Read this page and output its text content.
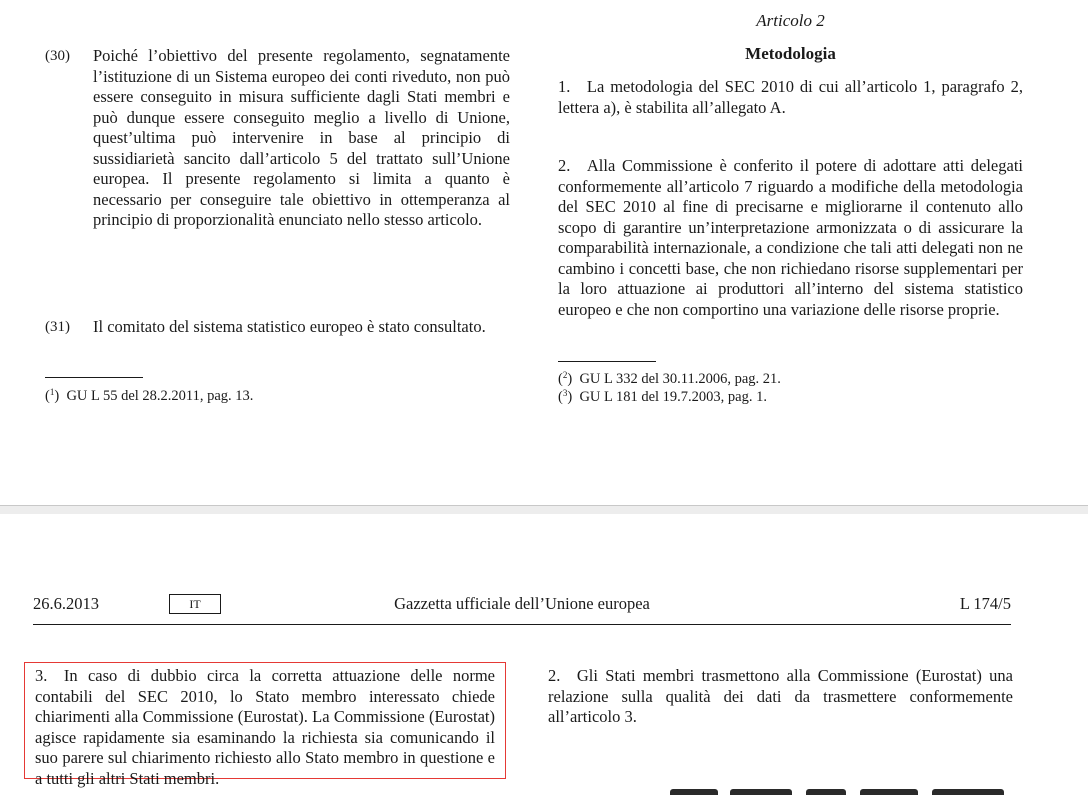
(30) Poiché l’obiettivo del presente regolamento, segnatamente l’istituzione di un Sistema europeo dei conti riveduto, non può essere conseguito in misura sufficiente dagli Stati membri e può dunque essere conseguito meglio a livello di Unione, quest’ultima può intervenire in base al principio di sussidiarietà sancito dall’articolo 5 del trattato sull’Unione europea. Il presente regolamento si limita a quanto è necessario per conseguire tale obiettivo in ottemperanza al principio di proporzionalità enunciato nello stesso articolo.
(31) Il comitato del sistema statistico europeo è stato consultato.
($^1$)  GU L 55 del 28.2.2011, pag. 13.
Articolo 2
Metodologia
1. La metodologia del SEC 2010 di cui all’articolo 1, paragrafo 2, lettera a), è stabilita all’allegato A.
2. Alla Commissione è conferito il potere di adottare atti delegati conformemente all’articolo 7 riguardo a modifiche della metodologia del SEC 2010 al fine di precisarne e migliorarne il contenuto allo scopo di garantire un’interpretazione armonizzata o di assicurare la comparabilità internazionale, a condizione che tali atti delegati non ne cambino i concetti base, che non richiedano risorse supplementari per la loro attuazione ai produttori all’interno del sistema statistico europeo e che non comportino una variazione delle risorse proprie.
($^2$)  GU L 332 del 30.11.2006, pag. 21.
($^3$)  GU L 181 del 19.7.2003, pag. 1.
Gazzetta ufficiale dell’Unione europea
26.6.2013	IT	L 174/5
3. In caso di dubbio circa la corretta attuazione delle norme contabili del SEC 2010, lo Stato membro interessato chiede chiarimenti alla Commissione (Eurostat). La Commissione (Eurostat) agisce rapidamente sia esaminando la richiesta sia comunicando il suo parere sul chiarimento richiesto allo Stato membro in questione e a tutti gli altri Stati membri.
2. Gli Stati membri trasmettono alla Commissione (Eurostat) una relazione sulla qualità dei dati da trasmettere conformemente all’articolo 3.
